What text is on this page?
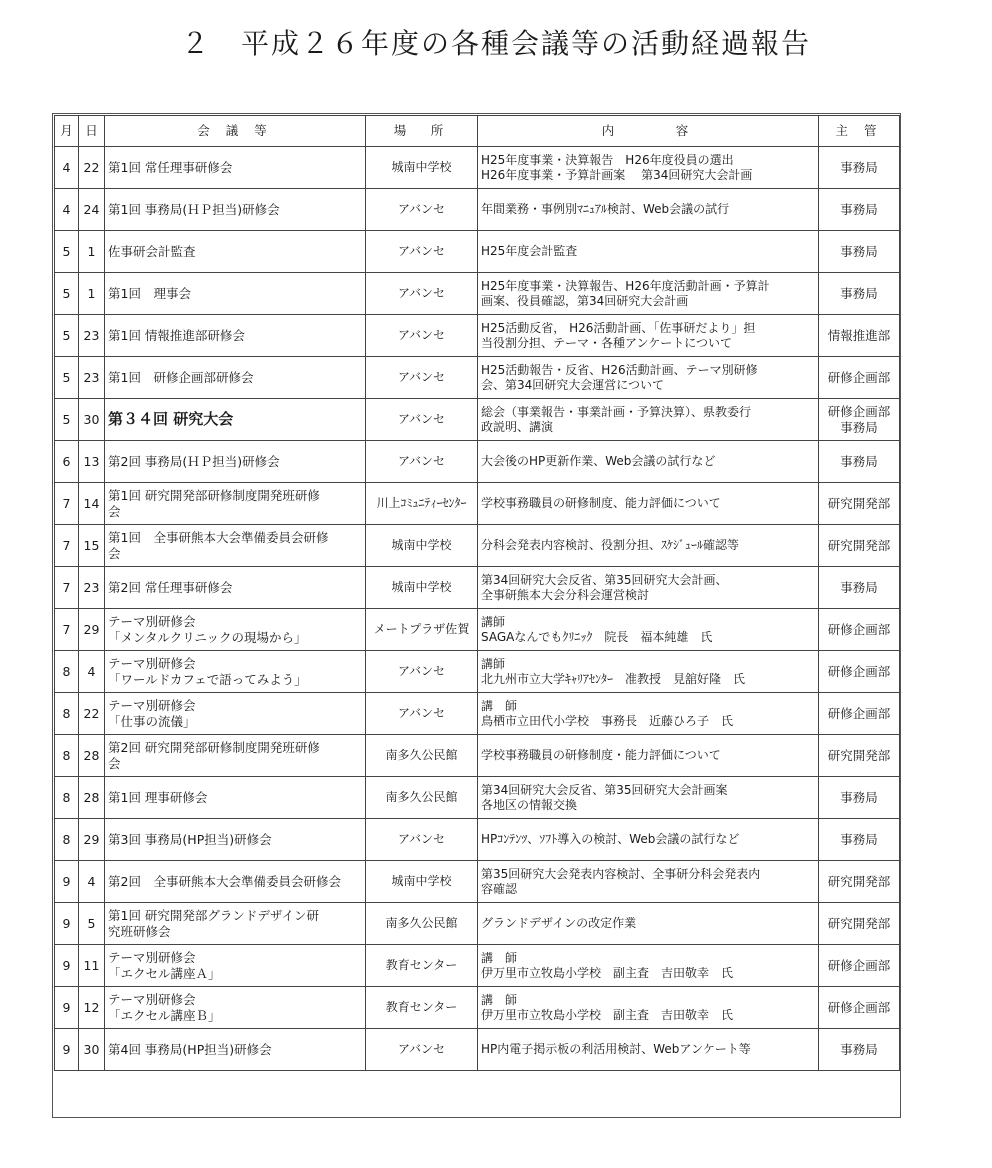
２　平成２６年度の各種会議等の活動経過報告
月	日	会 議 等	場　所	内　　　容	主 管
4	22	第1回 常任理事研修会	城南中学校	H25年度事業・決算報告　H26年度役員の選出
H26年度事業・予算計画案　 第34回研究大会計画	事務局

4	24	第1回 事務局(ＨＰ担当)研修会	アバンセ	年間業務・事例別ﾏﾆｭｱﾙ検討、Web会議の試行	事務局

5	1	佐事研会計監査	アバンセ	H25年度会計監査	事務局

5	1	第1回　理事会	アバンセ	H25年度事業・決算報告、H26年度活動計画・予算計
画案、役員確認，第34回研究大会計画	事務局

5	23	第1回 情報推進部研修会	アバンセ	H25活動反省， H26活動計画、「佐事研だより」担
当役割分担、テーマ・各種アンケートについて	情報推進部

5	23	第1回　研修企画部研修会	アバンセ	H25活動報告・反省、H26活動計画、テーマ別研修
会、第34回研究大会運営について	研修企画部

5	30	第３４回 研究大会	アバンセ	総会（事業報告・事業計画・予算決算）、県教委行
政説明、講演	研修企画部
事務局

6	13	第2回 事務局(ＨＰ担当)研修会	アバンセ	大会後のHP更新作業、Web会議の試行など	事務局

7	14	第1回 研究開発部研修制度開発班研修
会	川上ｺﾐｭﾆﾃｨｰｾﾝﾀｰ	学校事務職員の研修制度、能力評価について	研究開発部

7	15	第1回　全事研熊本大会準備委員会研修
会	城南中学校	分科会発表内容検討、役割分担、ｽｹｼﾞｭｰﾙ確認等	研究開発部

7	23	第2回 常任理事研修会	城南中学校	第34回研究大会反省、第35回研究大会計画、
全事研熊本大会分科会運営検討	事務局

7	29	テーマ別研修会
「メンタルクリニックの現場から」	メートプラザ佐賀	講師
SAGAなんでもｸﾘﾆｯｸ　院長　福本純雄　氏	研修企画部

8	4	テーマ別研修会
「ワールドカフェで語ってみよう」	アバンセ	講師
北九州市立大学ｷｬﾘｱｾﾝﾀｰ　准教授　見舘好隆　氏	研修企画部

8	22	テーマ別研修会
「仕事の流儀」	アバンセ	講　師
鳥栖市立田代小学校　事務長　近藤ひろ子　氏	研修企画部

8	28	第2回 研究開発部研修制度開発班研修
会	南多久公民館	学校事務職員の研修制度・能力評価について	研究開発部

8	28	第1回 理事研修会	南多久公民館	第34回研究大会反省、第35回研究大会計画案
各地区の情報交換	事務局

8	29	第3回 事務局(HP担当)研修会	アバンセ	HPｺﾝﾃﾝﾂ、ｿﾌﾄ導入の検討、Web会議の試行など	事務局

9	4	第2回　全事研熊本大会準備委員会研修会	城南中学校	第35回研究大会発表内容検討、全事研分科会発表内
容確認	研究開発部

9	5	第1回 研究開発部グランドデザイン研
究班研修会	南多久公民館	グランドデザインの改定作業	研究開発部

9	11	テーマ別研修会
「エクセル講座Ａ」	教育センター	講　師
伊万里市立牧島小学校　副主査　吉田敬幸　氏	研修企画部

9	12	テーマ別研修会
「エクセル講座Ｂ」	教育センター	講　師
伊万里市立牧島小学校　副主査　吉田敬幸　氏	研修企画部

9	30	第4回 事務局(HP担当)研修会	アバンセ	HP内電子掲示板の利活用検討、Webアンケート等	事務局
